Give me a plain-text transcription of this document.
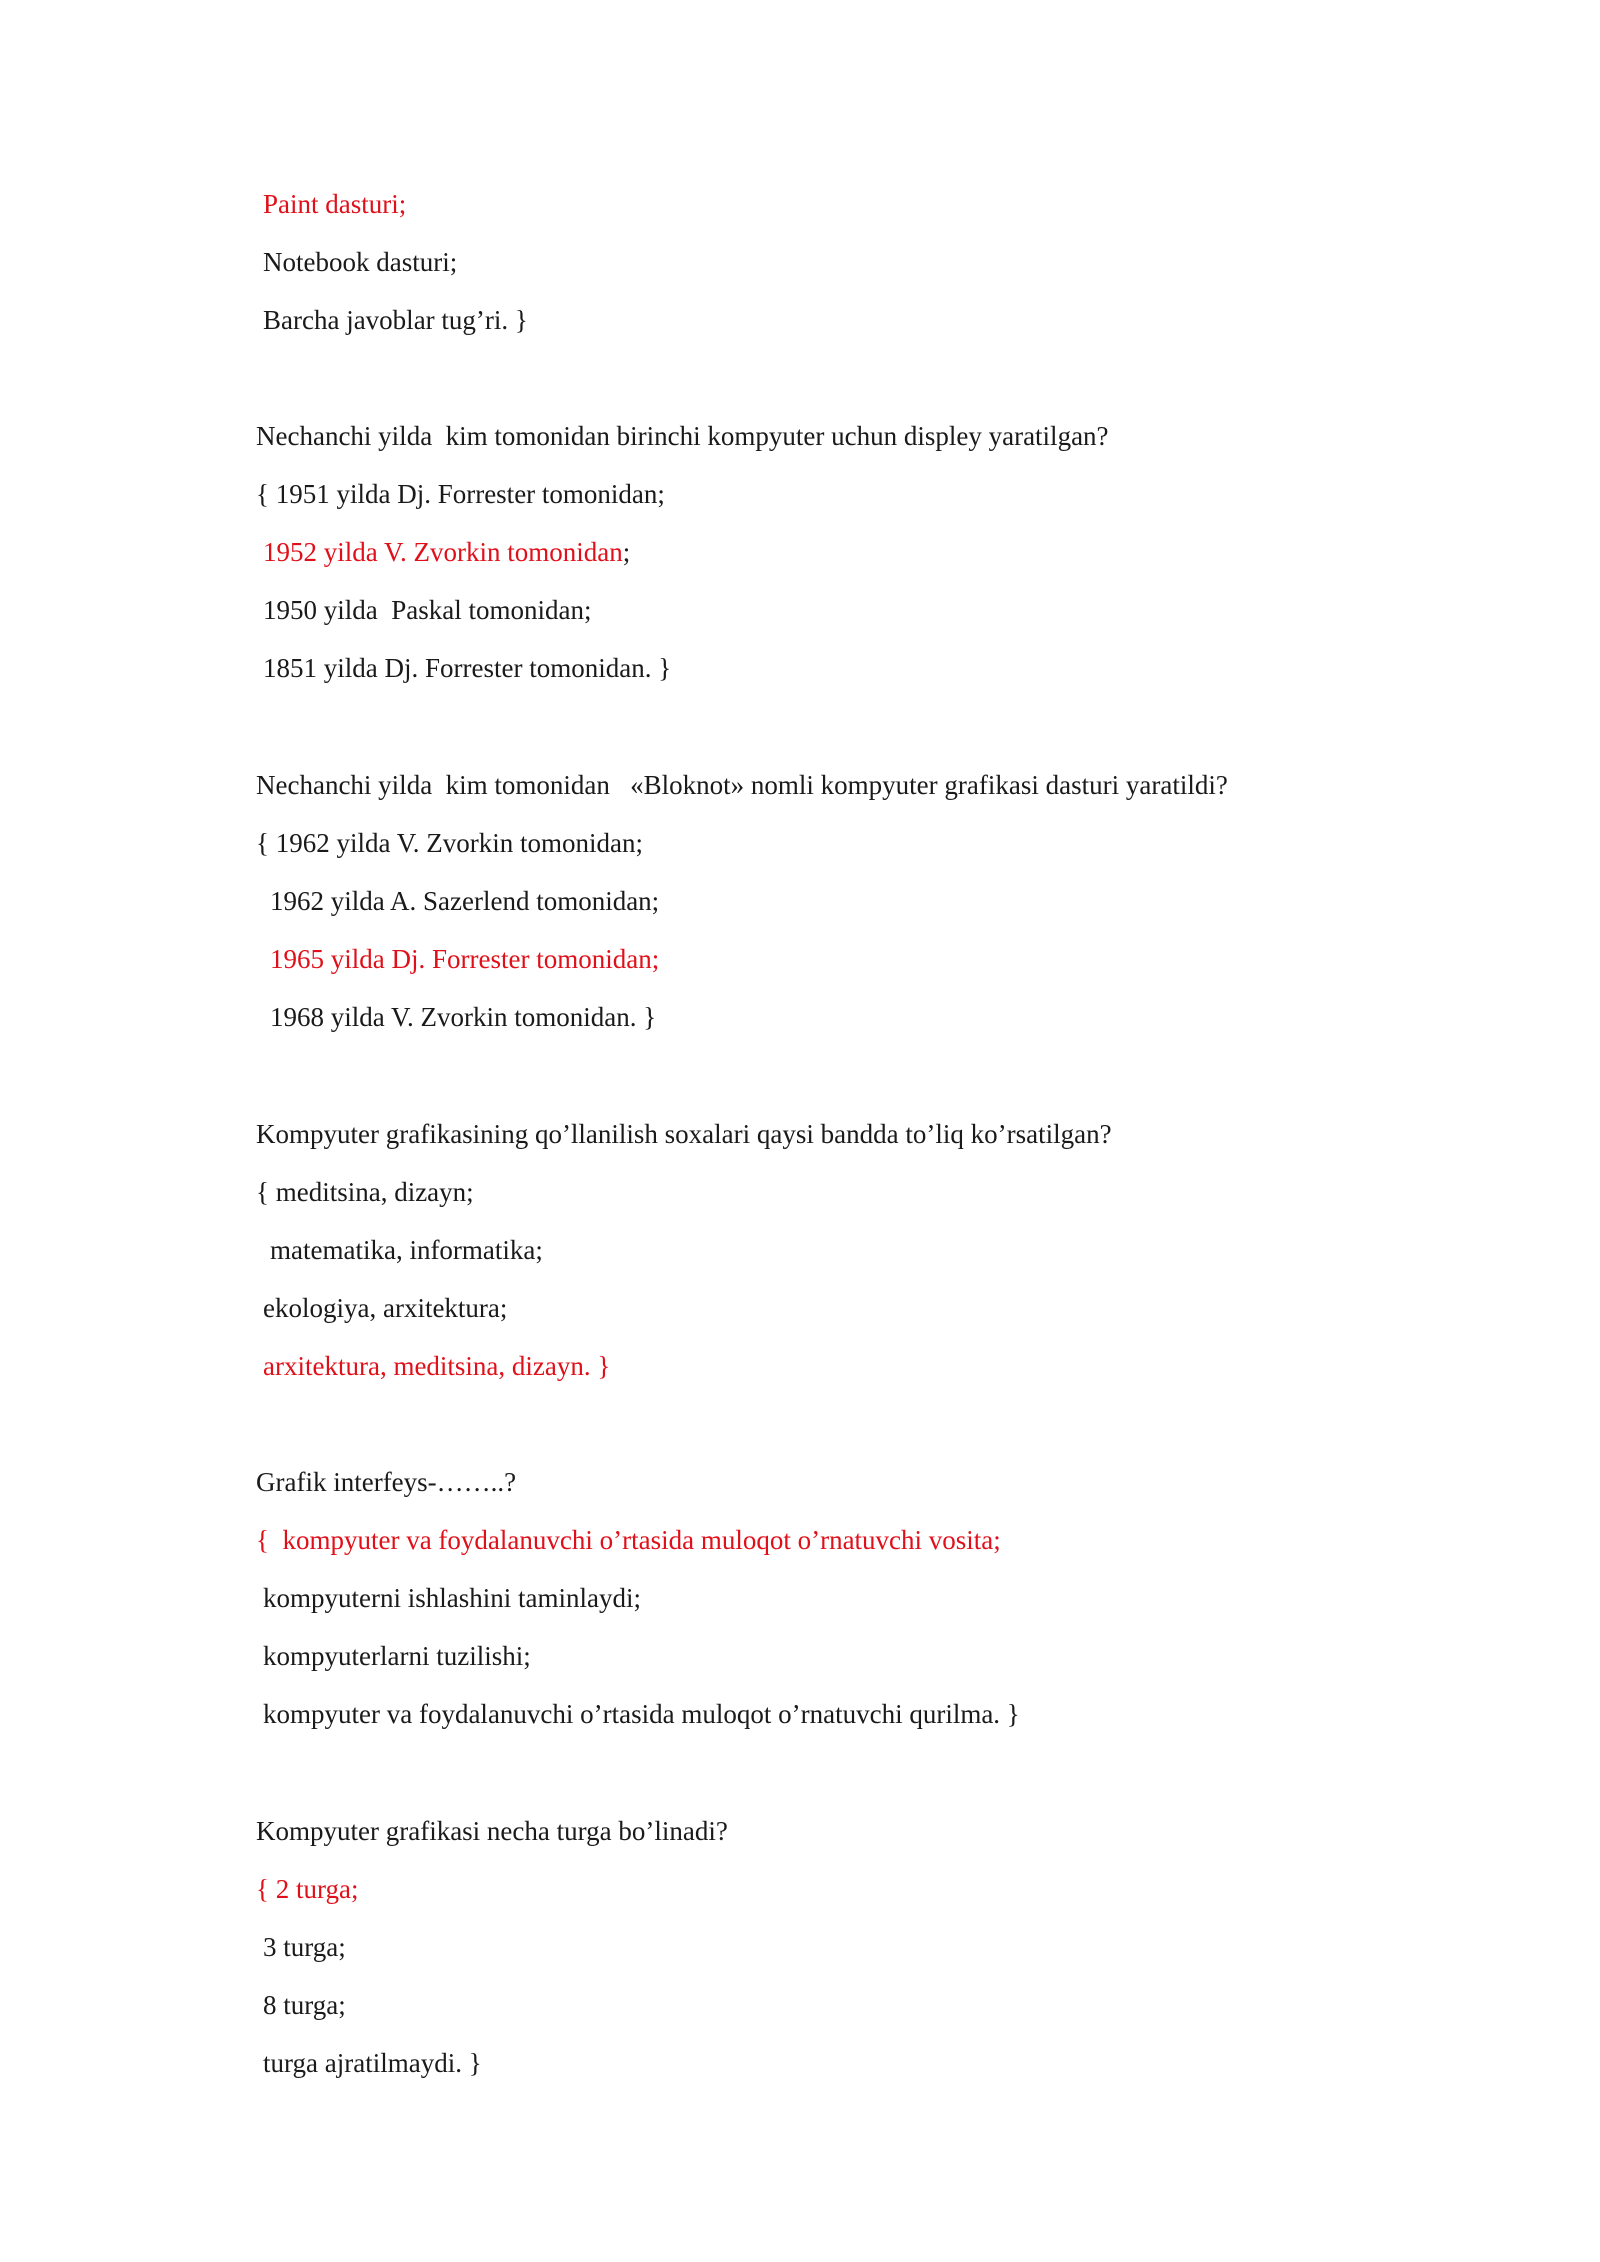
Paint dasturi;

Notebook dasturi;

Barcha javoblar tug’ri. }

Nechanchi yilda  kim tomonidan birinchi kompyuter uchun displey yaratilgan?

{ 1951 yilda Dj. Forrester tomonidan;

1952 yilda V. Zvorkin tomonidan;

1950 yilda  Paskal tomonidan;

1851 yilda Dj. Forrester tomonidan. }

Nechanchi yilda  kim tomonidan   «Bloknot» nomli kompyuter grafikasi dasturi yaratildi?

{ 1962 yilda V. Zvorkin tomonidan;

1962 yilda A. Sazerlend tomonidan;

1965 yilda Dj. Forrester tomonidan;

1968 yilda V. Zvorkin tomonidan. }

Kompyuter grafikasining qo’llanilish soxalari qaysi bandda to’liq ko’rsatilgan?

{ meditsina, dizayn;

matematika, informatika;

ekologiya, arxitektura;

arxitektura, meditsina, dizayn. }

Grafik interfeys-……..?

{  kompyuter va foydalanuvchi o’rtasida muloqot o’rnatuvchi vosita;

kompyuterni ishlashini taminlaydi;

kompyuterlarni tuzilishi;

kompyuter va foydalanuvchi o’rtasida muloqot o’rnatuvchi qurilma. }

Kompyuter grafikasi necha turga bo’linadi?

{ 2 turga;

3 turga;

8 turga;

turga ajratilmaydi. }
